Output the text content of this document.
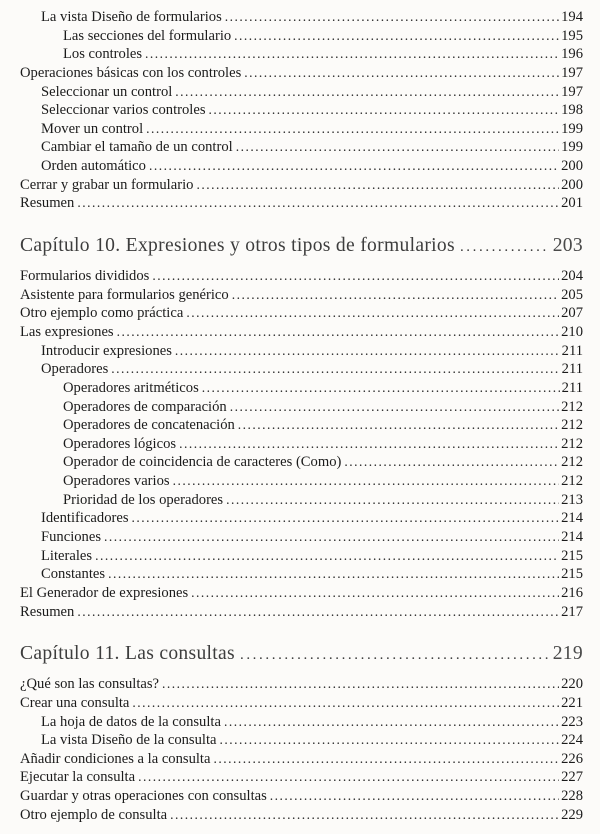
La vista Diseño de formularios .....	194
Las secciones del formulario .....	195
Los controles .....	196
Operaciones básicas con los controles .....	197
Seleccionar un control .....	197
Seleccionar varios controles .....	198
Mover un control .....	199
Cambiar el tamaño de un control .....	199
Orden automático .....	200
Cerrar y grabar un formulario .....	200
Resumen .....	201
Capítulo 10. Expresiones y otros tipos de formularios .....	203
Formularios divididos .....	204
Asistente para formularios genérico .....	205
Otro ejemplo como práctica .....	207
Las expresiones .....	210
Introducir expresiones .....	211
Operadores .....	211
Operadores aritméticos .....	211
Operadores de comparación .....	212
Operadores de concatenación .....	212
Operadores lógicos .....	212
Operador de coincidencia de caracteres (Como) .....	212
Operadores varios .....	212
Prioridad de los operadores .....	213
Identificadores .....	214
Funciones .....	214
Literales .....	215
Constantes .....	215
El Generador de expresiones .....	216
Resumen .....	217
Capítulo 11. Las consultas .....	219
¿Qué son las consultas? .....	220
Crear una consulta .....	221
La hoja de datos de la consulta .....	223
La vista Diseño de la consulta .....	224
Añadir condiciones a la consulta .....	226
Ejecutar la consulta .....	227
Guardar y otras operaciones con consultas .....	228
Otro ejemplo de consulta .....	229
